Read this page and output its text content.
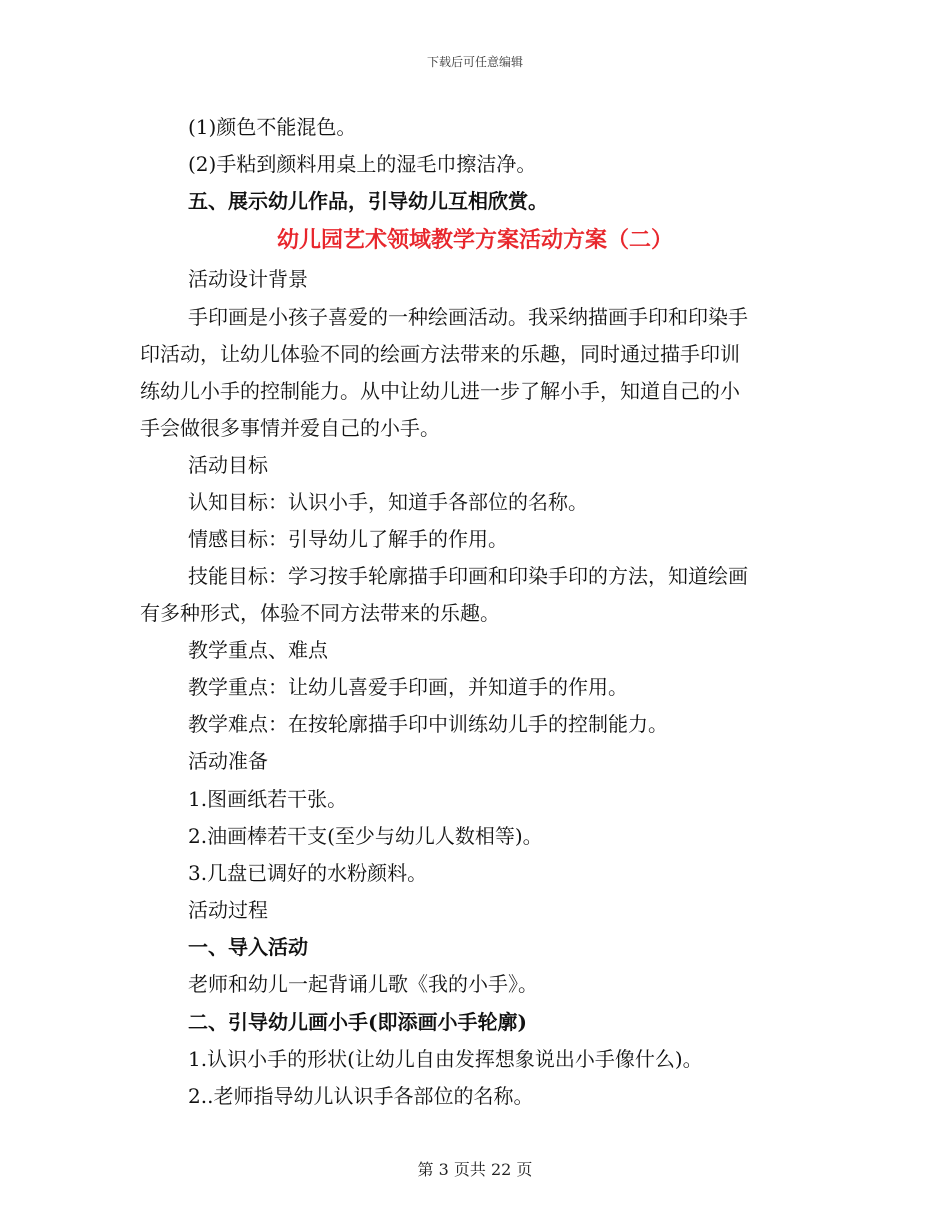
下载后可任意编辑
(1)颜色不能混色。
(2)手粘到颜料用桌上的湿毛巾擦洁净。
五、展示幼儿作品，引导幼儿互相欣赏。
幼儿园艺术领域教学方案活动方案（二）
活动设计背景
手印画是小孩子喜爱的一种绘画活动。我采纳描画手印和印染手
印活动，让幼儿体验不同的绘画方法带来的乐趣，同时通过描手印训
练幼儿小手的控制能力。从中让幼儿进一步了解小手，知道自己的小
手会做很多事情并爱自己的小手。
活动目标
认知目标：认识小手，知道手各部位的名称。
情感目标：引导幼儿了解手的作用。
技能目标：学习按手轮廓描手印画和印染手印的方法，知道绘画
有多种形式，体验不同方法带来的乐趣。
教学重点、难点
教学重点：让幼儿喜爱手印画，并知道手的作用。
教学难点：在按轮廓描手印中训练幼儿手的控制能力。
活动准备
1.图画纸若干张。
2.油画棒若干支(至少与幼儿人数相等)。
3.几盘已调好的水粉颜料。
活动过程
一、导入活动
老师和幼儿一起背诵儿歌《我的小手》。
二、引导幼儿画小手(即添画小手轮廓)
1.认识小手的形状(让幼儿自由发挥想象说出小手像什么)。
2..老师指导幼儿认识手各部位的名称。
第 3 页共 22 页
